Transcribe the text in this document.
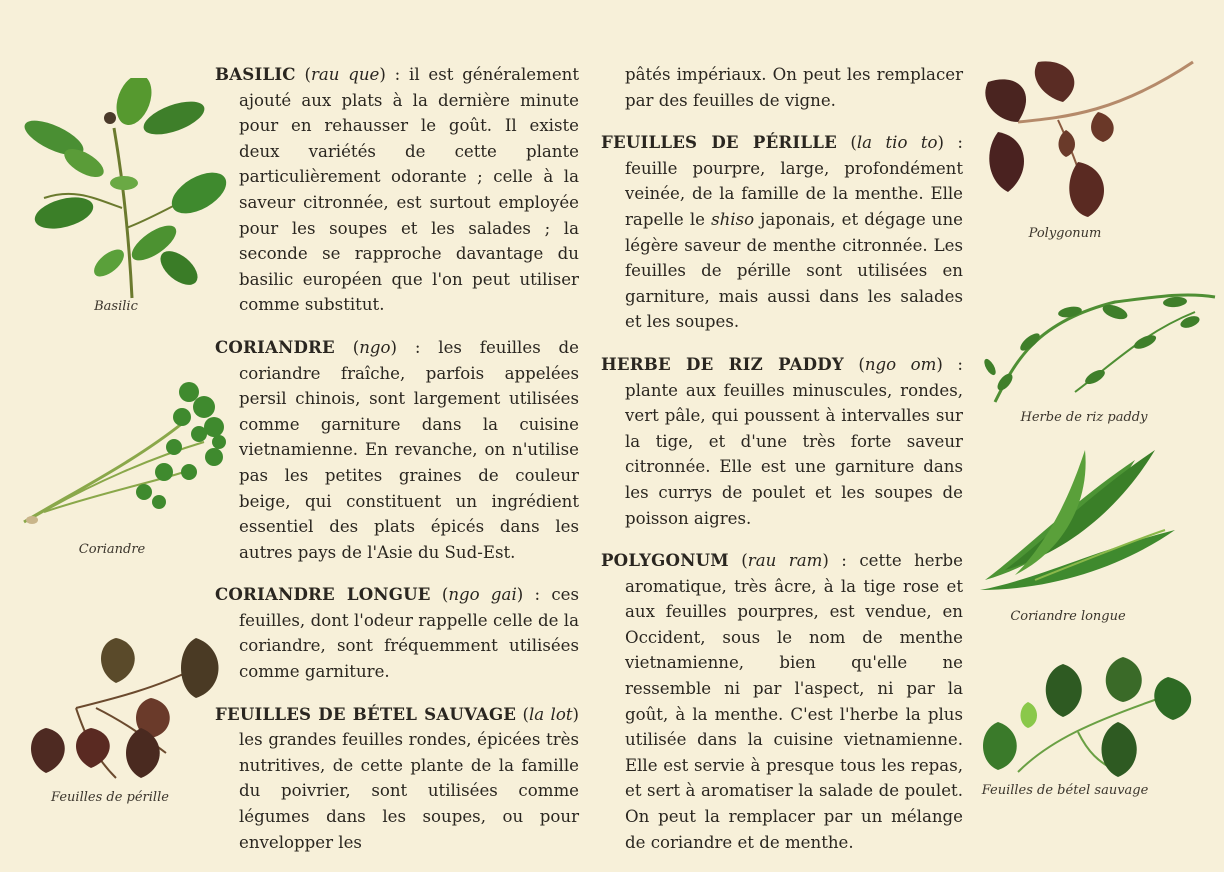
Basilic
Coriandre
Feuilles de pérille

BASILIC (rau que) : il est généralement ajouté aux plats à la dernière minute pour en rehausser le goût. Il existe deux variétés de cette plante particulièrement odorante ; celle à la saveur citronnée, est surtout employée pour les soupes et les salades ; la seconde se rapproche davantage du basilic européen que l'on peut utiliser comme substitut.

CORIANDRE (ngo) : les feuilles de coriandre fraîche, parfois appelées persil chinois, sont largement utilisées comme garniture dans la cuisine vietnamienne. En revanche, on n'utilise pas les petites graines de couleur beige, qui constituent un ingrédient essentiel des plats épicés dans les autres pays de l'Asie du Sud-Est.

CORIANDRE LONGUE (ngo gai) : ces feuilles, dont l'odeur rappelle celle de la coriandre, sont fréquemment utilisées comme garniture.

FEUILLES DE BÉTEL SAUVAGE (la lot) les grandes feuilles rondes, épicées très nutritives, de cette plante de la famille du poivrier, sont utilisées comme légumes dans les soupes, ou pour envelopper les

pâtés impériaux. On peut les remplacer par des feuilles de vigne.

FEUILLES DE PÉRILLE (la tio to) : feuille pourpre, large, profondément veinée, de la famille de la menthe. Elle rapelle le shiso japonais, et dégage une légère saveur de menthe citronnée. Les feuilles de pérille sont utilisées en garniture, mais aussi dans les salades et les soupes.

HERBE DE RIZ PADDY (ngo om) : plante aux feuilles minuscules, rondes, vert pâle, qui poussent à intervalles sur la tige, et d'une très forte saveur citronnée. Elle est une garniture dans les currys de poulet et les soupes de poisson aigres.

POLYGONUM (rau ram) : cette herbe aromatique, très âcre, à la tige rose et aux feuilles pourpres, est vendue, en Occident, sous le nom de menthe vietnamienne, bien qu'elle ne ressemble ni par l'aspect, ni par la goût, à la menthe. C'est l'herbe la plus utilisée dans la cuisine vietnamienne. Elle est servie à presque tous les repas, et sert à aromatiser la salade de poulet. On peut la remplacer par un mélange de coriandre et de menthe.

Polygonum
Herbe de riz paddy
Coriandre longue
Feuilles de bétel sauvage
